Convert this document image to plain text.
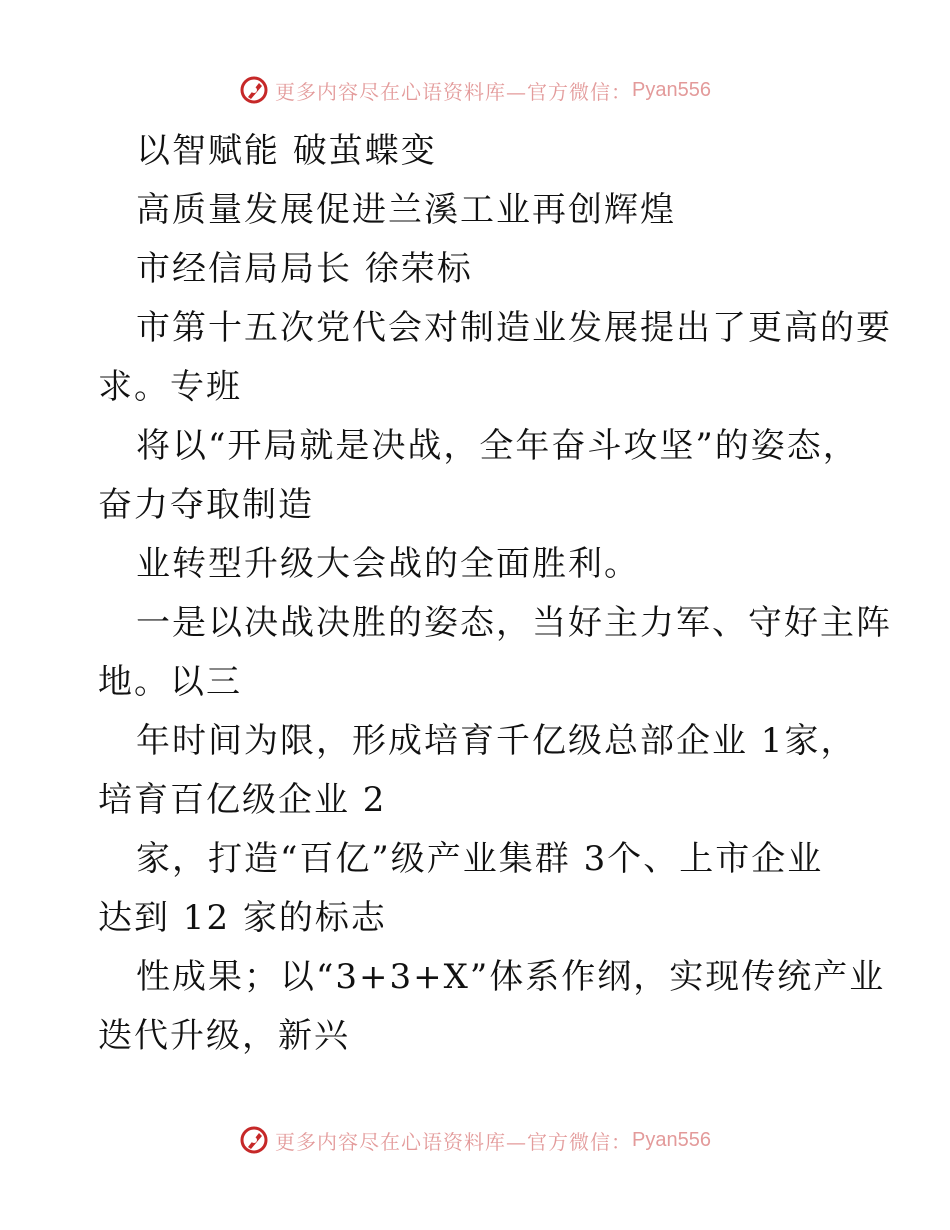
更多内容尽在心语资料库—官方微信： Pyan556
以智赋能 破茧蝶变
高质量发展促进兰溪工业再创辉煌
市经信局局长 徐荣标
市第十五次党代会对制造业发展提出了更高的要
求。专班
将以“开局就是决战，全年奋斗攻坚”的姿态，
奋力夺取制造
业转型升级大会战的全面胜利。
一是以决战决胜的姿态，当好主力军、守好主阵
地。以三
年时间为限，形成培育千亿级总部企业 1家，
培育百亿级企业 2
家，打造“百亿”级产业集群 3个、上市企业
达到 12 家的标志
性成果；以“3+3+X”体系作纲，实现传统产业
迭代升级，新兴
更多内容尽在心语资料库—官方微信： Pyan556
